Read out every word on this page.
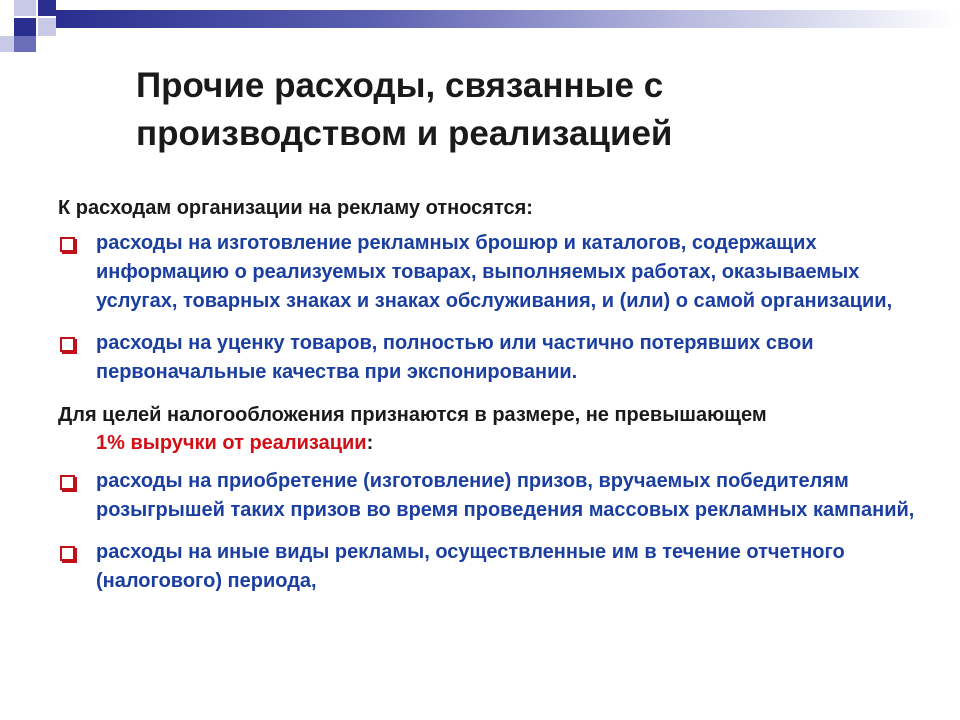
Прочие расходы, связанные с производством и реализацией

К расходам организации на рекламу относятся:

расходы на изготовление рекламных брошюр и каталогов, содержащих информацию о реализуемых товарах, выполняемых работах, оказываемых услугах, товарных знаках и знаках обслуживания, и (или) о самой организации,
расходы на уценку товаров, полностью или частично потерявших свои первоначальные качества при экспонировании.

Для целей налогообложения признаются в размере, не превышающем
1% выручки от реализации:

расходы на приобретение (изготовление) призов, вручаемых победителям розыгрышей таких призов во время проведения массовых рекламных кампаний,
расходы на иные виды рекламы, осуществленные им в течение отчетного (налогового) периода,
